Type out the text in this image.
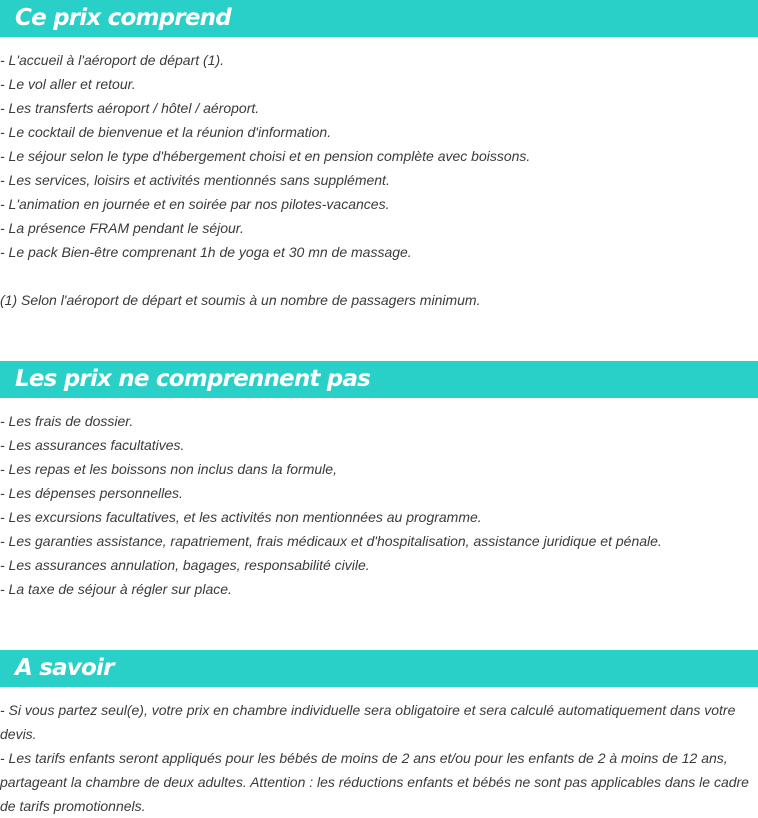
Ce prix comprend
- L'accueil à l'aéroport de départ (1).
- Le vol aller et retour.
- Les transferts aéroport / hôtel / aéroport.
- Le cocktail de bienvenue et la réunion d'information.
- Le séjour selon le type d'hébergement choisi et en pension complète avec boissons.
- Les services, loisirs et activités mentionnés sans supplément.
- L'animation en journée et en soirée par nos pilotes-vacances.
- La présence FRAM pendant le séjour.
- Le pack Bien-être comprenant 1h de yoga et 30 mn de massage.
(1) Selon l'aéroport de départ et soumis à un nombre de passagers minimum.
Les prix ne comprennent pas
- Les frais de dossier.
- Les assurances facultatives.
- Les repas et les boissons non inclus dans la formule,
- Les dépenses personnelles.
- Les excursions facultatives, et les activités non mentionnées au programme.
- Les garanties assistance, rapatriement, frais médicaux et d'hospitalisation, assistance juridique et pénale.
- Les assurances annulation, bagages, responsabilité civile.
- La taxe de séjour à régler sur place.
A savoir
- Si vous partez seul(e), votre prix en chambre individuelle sera obligatoire et sera calculé automatiquement dans votre devis.
- Les tarifs enfants seront appliqués pour les bébés de moins de 2 ans et/ou pour les enfants de 2 à moins de 12 ans, partageant la chambre de deux adultes. Attention : les réductions enfants et bébés ne sont pas applicables dans le cadre de tarifs promotionnels.
